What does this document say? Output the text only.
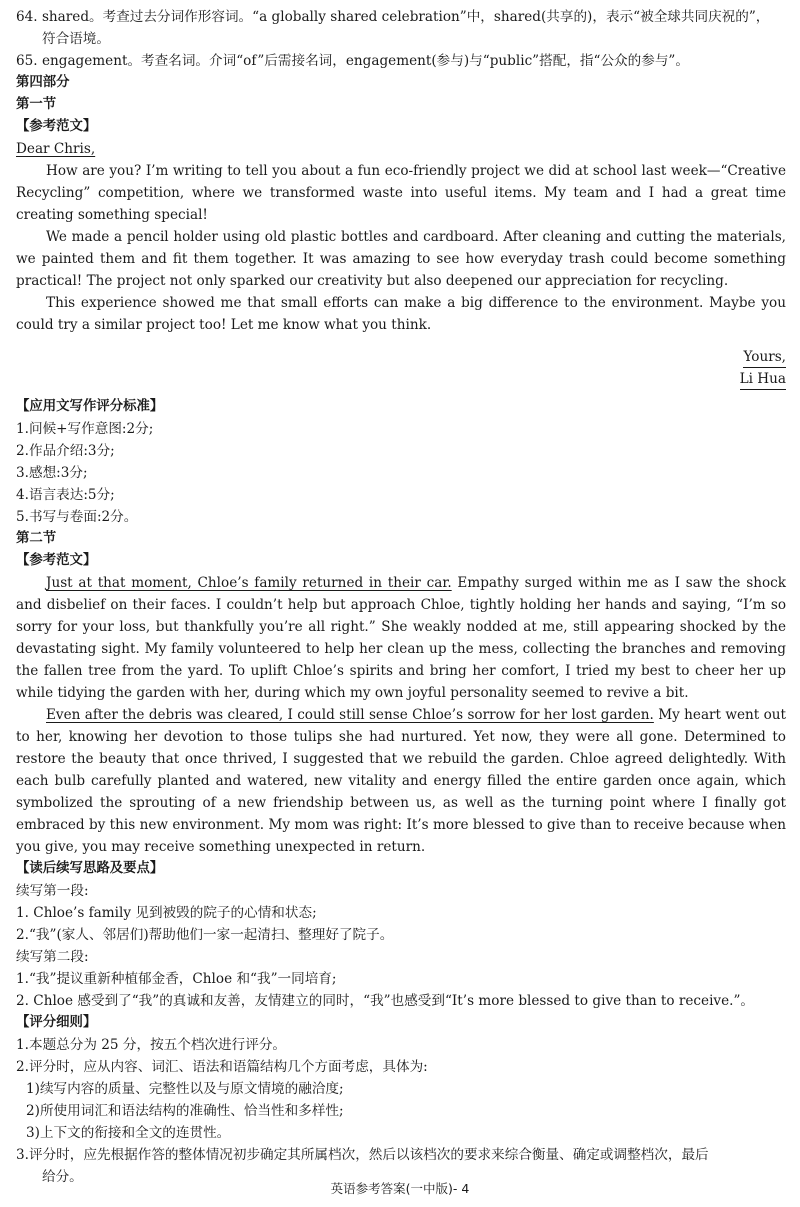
64. shared。考查过去分词作形容词。“a globally shared celebration”中，shared(共享的)，表示“被全球共同庆祝的”，
符合语境。
65. engagement。考查名词。介词“of”后需接名词，engagement(参与)与“public”搭配，指“公众的参与”。
第四部分
第一节
【参考范文】
Dear Chris,
How are you? I’m writing to tell you about a fun eco-friendly project we did at school last week—“Creative Recycling” competition, where we transformed waste into useful items. My team and I had a great time creating something special!
We made a pencil holder using old plastic bottles and cardboard. After cleaning and cutting the materials, we painted them and fit them together. It was amazing to see how everyday trash could become something practical! The project not only sparked our creativity but also deepened our appreciation for recycling.
This experience showed me that small efforts can make a big difference to the environment. Maybe you could try a similar project too! Let me know what you think.
Yours,
Li Hua
【应用文写作评分标准】
1.问候+写作意图:2分;
2.作品介绍:3分;
3.感想:3分;
4.语言表达:5分;
5.书写与卷面:2分。
第二节
【参考范文】
Just at that moment, Chloe’s family returned in their car. Empathy surged within me as I saw the shock and disbelief on their faces. I couldn’t help but approach Chloe, tightly holding her hands and saying, “I’m so sorry for your loss, but thankfully you’re all right.” She weakly nodded at me, still appearing shocked by the devastating sight. My family volunteered to help her clean up the mess, collecting the branches and removing the fallen tree from the yard. To uplift Chloe’s spirits and bring her comfort, I tried my best to cheer her up while tidying the garden with her, during which my own joyful personality seemed to revive a bit.
Even after the debris was cleared, I could still sense Chloe’s sorrow for her lost garden. My heart went out to her, knowing her devotion to those tulips she had nurtured. Yet now, they were all gone. Determined to restore the beauty that once thrived, I suggested that we rebuild the garden. Chloe agreed delightedly. With each bulb carefully planted and watered, new vitality and energy filled the entire garden once again, which symbolized the sprouting of a new friendship between us, as well as the turning point where I finally got embraced by this new environment. My mom was right: It’s more blessed to give than to receive because when you give, you may receive something unexpected in return.
【读后续写思路及要点】
续写第一段:
1. Chloe’s family 见到被毁的院子的心情和状态;
2.“我”(家人、邻居们)帮助他们一家一起清扫、整理好了院子。
续写第二段:
1.“我”提议重新种植郁金香，Chloe 和“我”一同培育;
2. Chloe 感受到了“我”的真诚和友善，友情建立的同时，“我”也感受到“It’s more blessed to give than to receive.”。
【评分细则】
1.本题总分为 25 分，按五个档次进行评分。
2.评分时，应从内容、词汇、语法和语篇结构几个方面考虑，具体为:
1)续写内容的质量、完整性以及与原文情境的融洽度;
2)所使用词汇和语法结构的准确性、恰当性和多样性;
3)上下文的衔接和全文的连贯性。
3.评分时，应先根据作答的整体情况初步确定其所属档次，然后以该档次的要求来综合衡量、确定或调整档次，最后
给分。
英语参考答案(一中版)- 4
